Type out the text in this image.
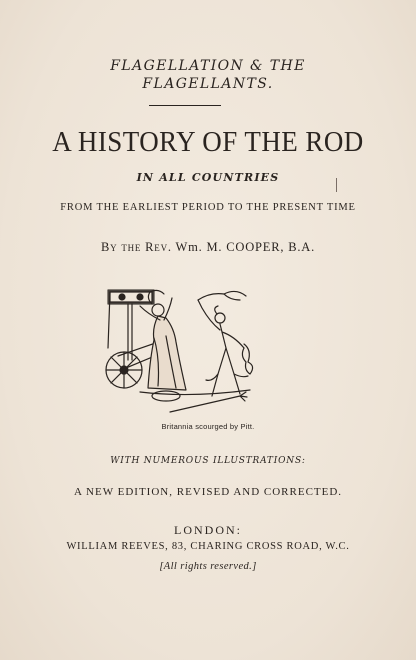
FLAGELLATION & THE
FLAGELLANTS.
A HISTORY OF THE ROD
IN ALL COUNTRIES
FROM THE EARLIEST PERIOD TO THE PRESENT TIME
By the Rev. Wm. M. COOPER, B.A.
Britannia scourged by Pitt.
WITH NUMEROUS ILLUSTRATIONS:
A NEW EDITION, REVISED AND CORRECTED.
LONDON:
WILLIAM REEVES, 83, CHARING CROSS ROAD, W.C.
[All rights reserved.]
